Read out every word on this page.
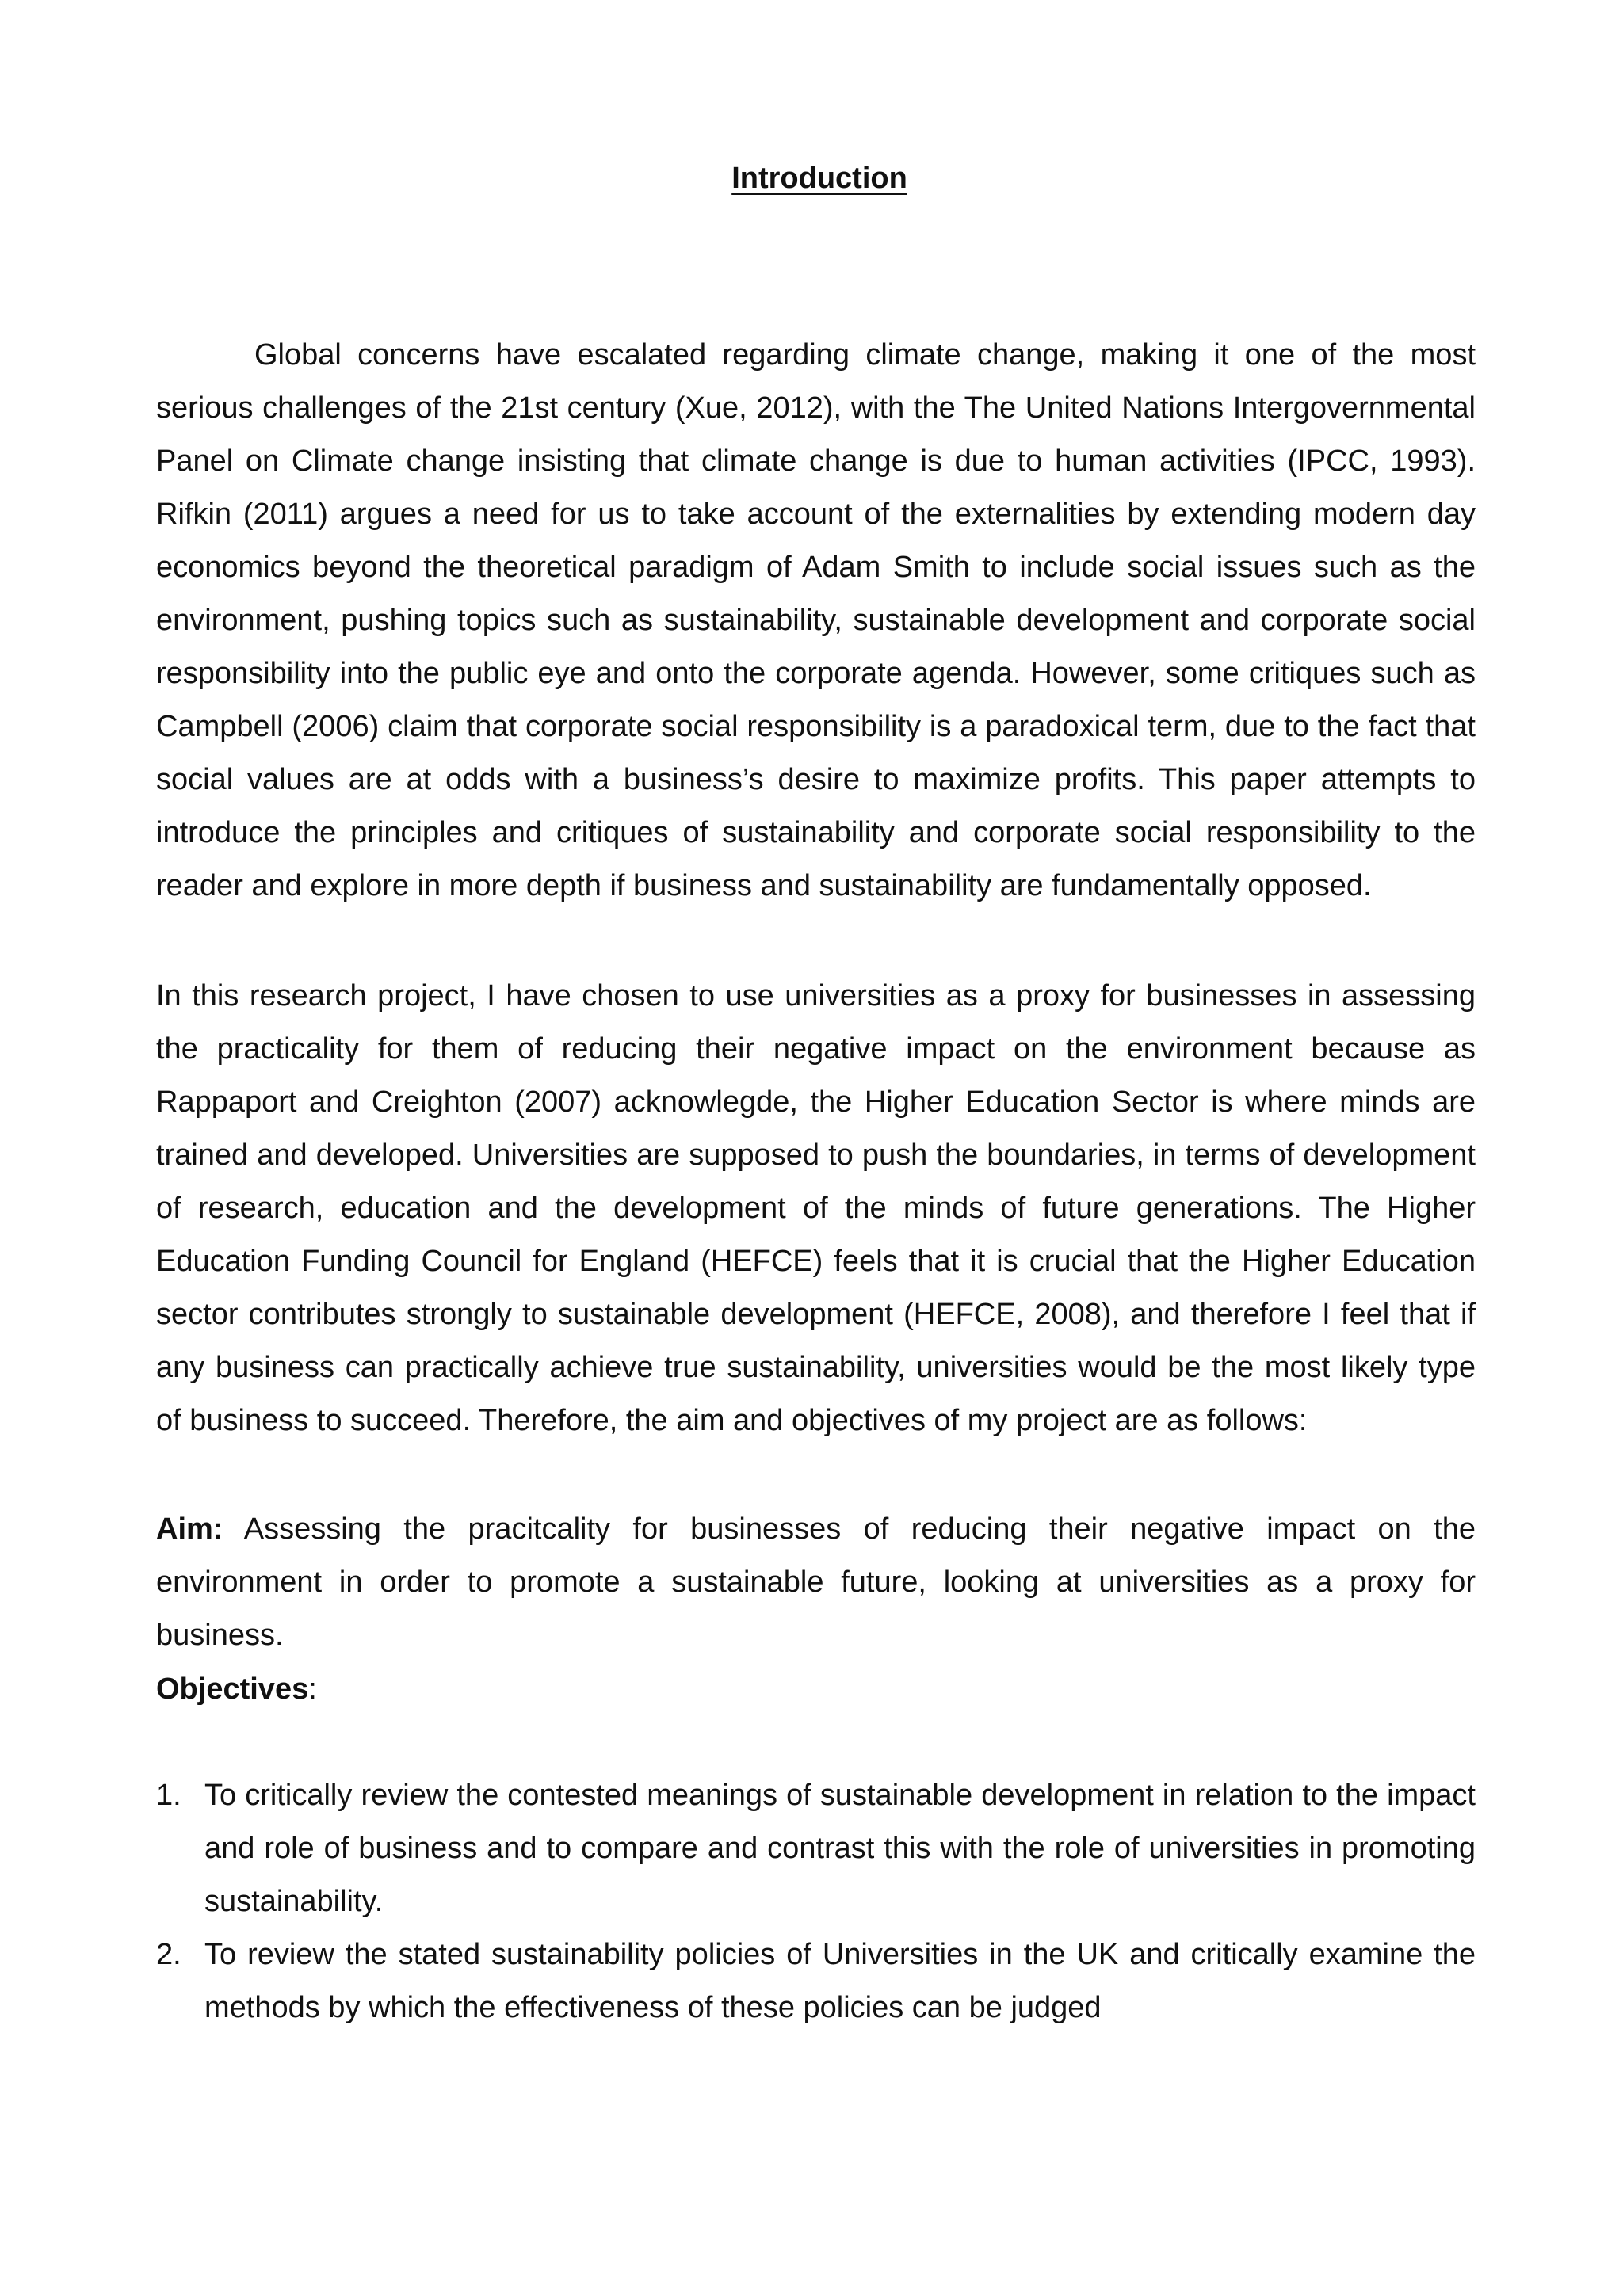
Introduction

Global concerns have escalated regarding climate change, making it one of the most serious challenges of the 21st century (Xue, 2012), with the The United Nations Intergovernmental Panel on Climate change insisting that climate change is due to human activities (IPCC, 1993). Rifkin (2011) argues a need for us to take account of the externalities by extending modern day economics beyond the theoretical paradigm of Adam Smith to include social issues such as the environment, pushing topics such as sustainability, sustainable development and corporate social responsibility into the public eye and onto the corporate agenda. However, some critiques such as Campbell (2006) claim that corporate social responsibility is a paradoxical term, due to the fact that social values are at odds with a business’s desire to maximize profits. This paper attempts to introduce the principles and critiques of sustainability and corporate social responsibility to the reader and explore in more depth if business and sustainability are fundamentally opposed.

In this research project, I have chosen to use universities as a proxy for businesses in assessing the practicality for them of reducing their negative impact on the environment because as Rappaport and Creighton (2007) acknowlegde, the Higher Education Sector is where minds are trained and developed. Universities are supposed to push the boundaries, in terms of development of research, education and the development of the minds of future generations. The Higher Education Funding Council for England (HEFCE) feels that it is crucial that the Higher Education sector contributes strongly to sustainable development (HEFCE, 2008), and therefore I feel that if any business can practically achieve true sustainability, universities would be the most likely type of business to succeed. Therefore, the aim and objectives of my project are as follows:

Aim: Assessing the pracitcality for businesses of reducing their negative impact on the environment in order to promote a sustainable future, looking at universities as a proxy for business.

Objectives:

1. To critically review the contested meanings of sustainable development in relation to the impact and role of business and to compare and contrast this with the role of universities in promoting sustainability.
2. To review the stated sustainability policies of Universities in the UK and critically examine the methods by which the effectiveness of these policies can be judged
